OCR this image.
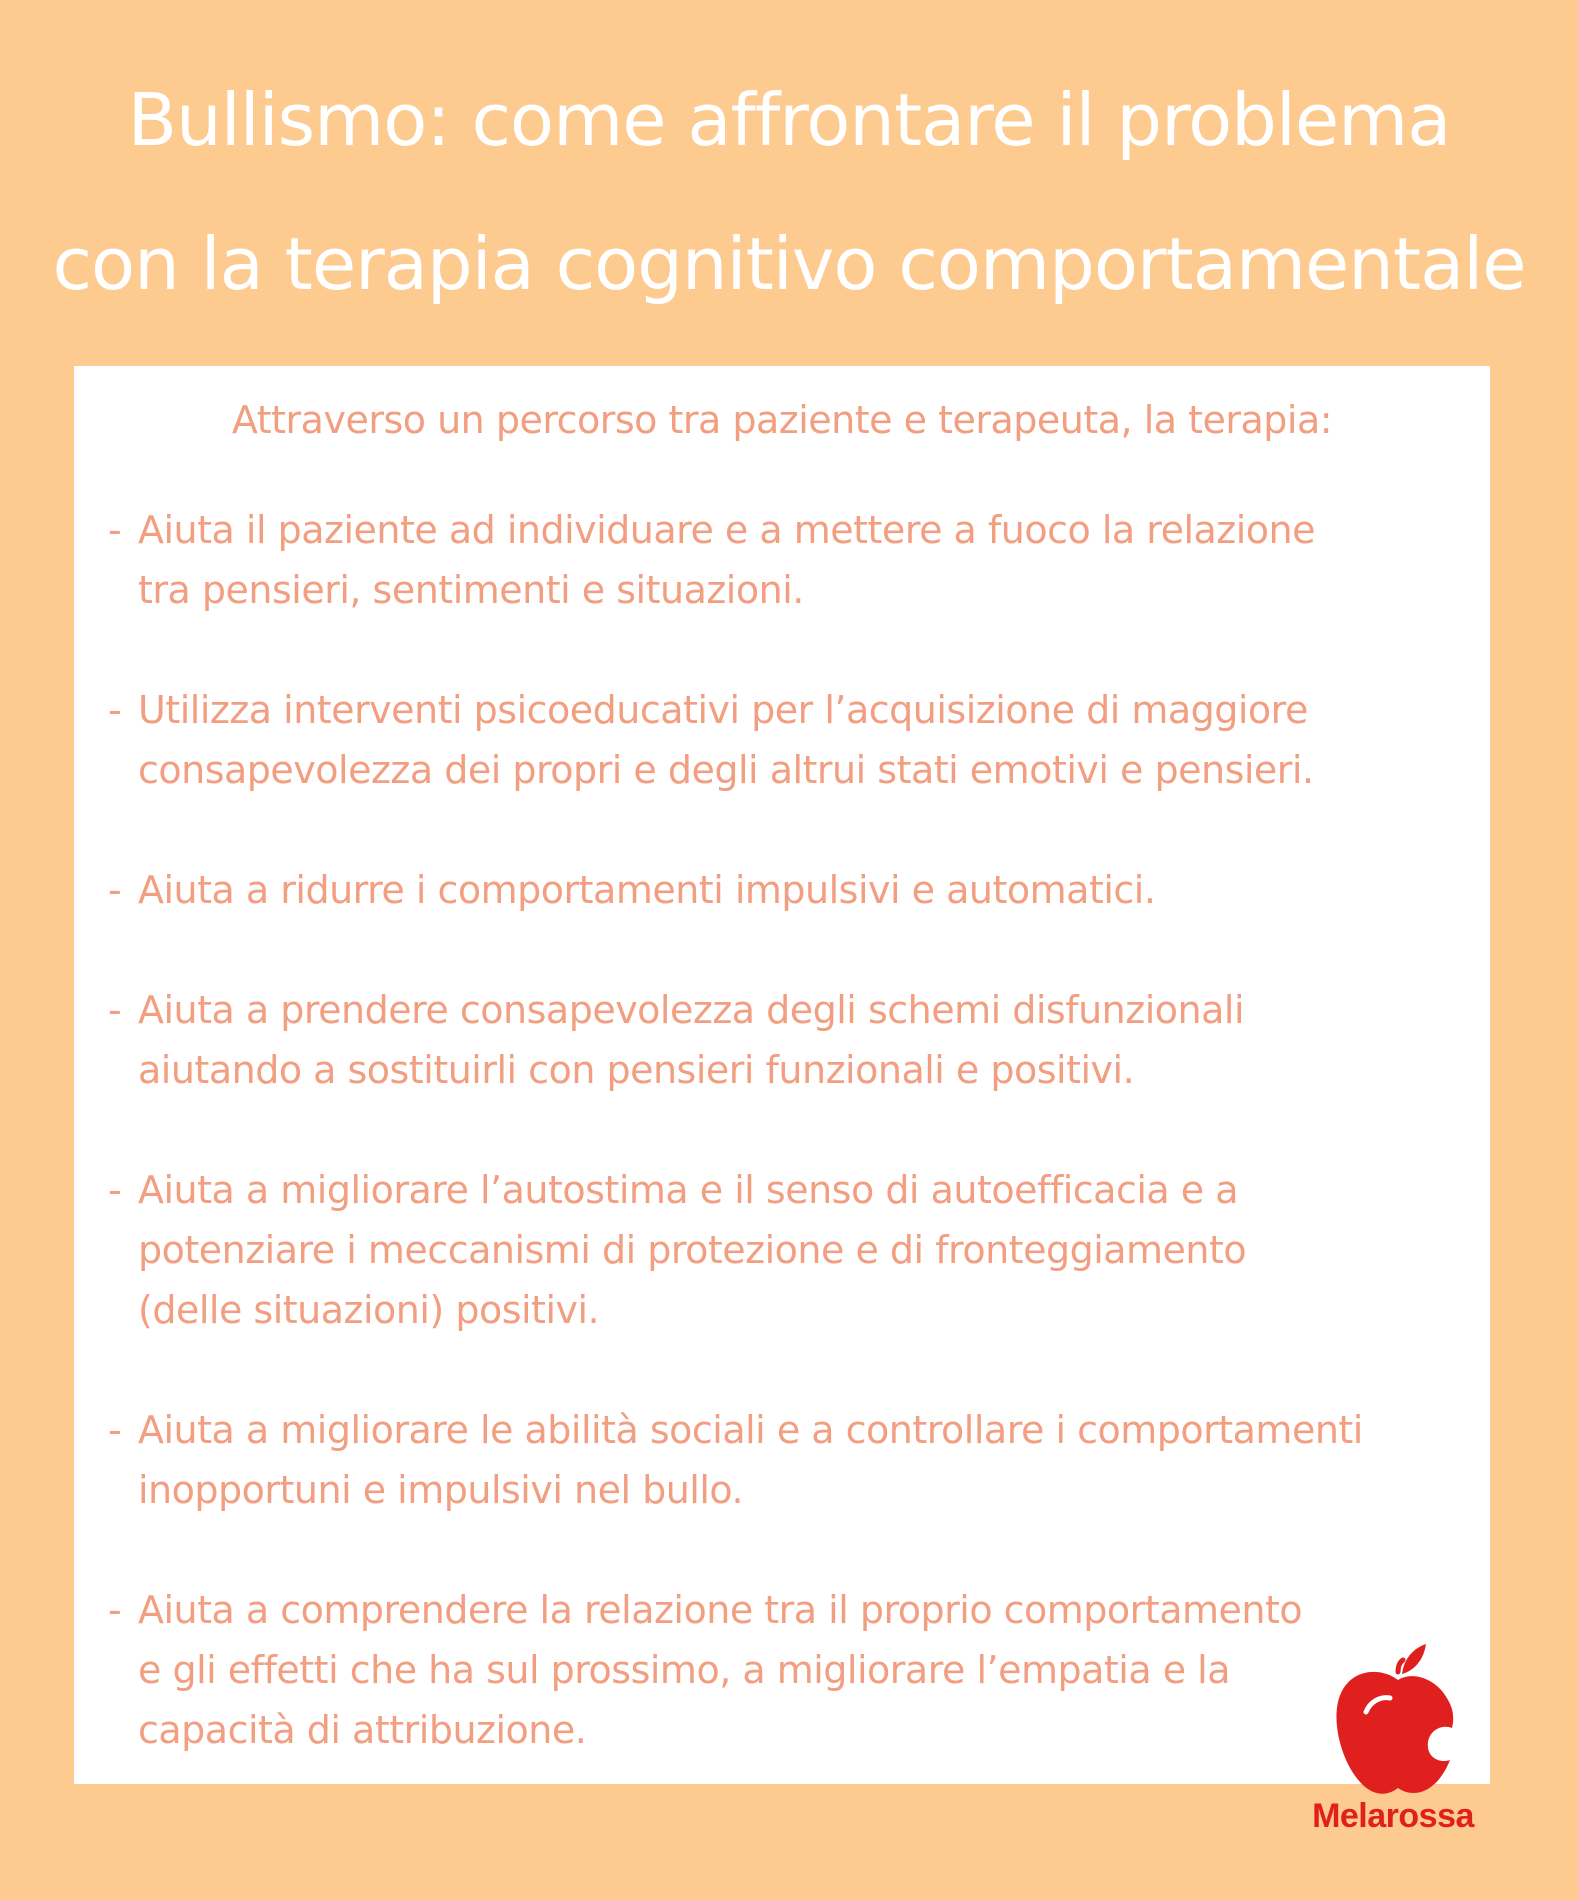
Bullismo: come affrontare il problema
con la terapia cognitivo comportamentale
Attraverso un percorso tra paziente e terapeuta, la terapia:
- Aiuta il paziente ad individuare e a mettere a fuoco la relazione
tra pensieri, sentimenti e situazioni.
- Utilizza interventi psicoeducativi per l’acquisizione di maggiore
consapevolezza dei propri e degli altrui stati emotivi e pensieri.
- Aiuta a ridurre i comportamenti impulsivi e automatici.
- Aiuta a prendere consapevolezza degli schemi disfunzionali
aiutando a sostituirli con pensieri funzionali e positivi.
- Aiuta a migliorare l’autostima e il senso di autoefficacia e a
potenziare i meccanismi di protezione e di fronteggiamento
(delle situazioni) positivi.
- Aiuta a migliorare le abilità sociali e a controllare i comportamenti
inopportuni e impulsivi nel bullo.
- Aiuta a comprendere la relazione tra il proprio comportamento
e gli effetti che ha sul prossimo, a migliorare l’empatia e la
capacità di attribuzione.
Melarossa
